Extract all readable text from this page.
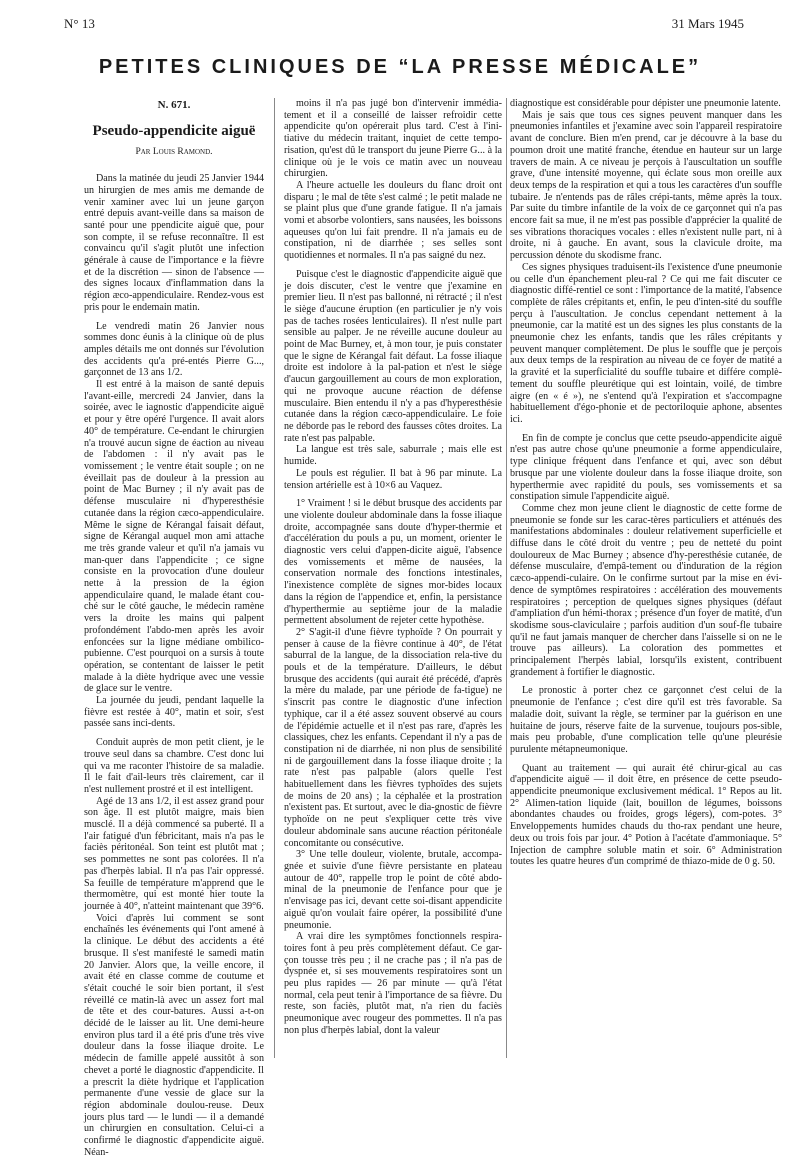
N° 13	31 Mars 1945
PETITES CLINIQUES DE “LA PRESSE MÉDICALE”
N. 671.
Pseudo-appendicite aiguë
Par Louis Ramond.

Dans la matinée du jeudi 25 Janvier 1944 un hirurgien de mes amis me demande de venir xaminer avec lui un jeune garçon entré depuis avant-veille dans sa maison de santé pour une ppendicite aiguë que, pour son compte, il se refuse reconnaître. Il est convaincu qu'il s'agit plutôt une infection générale à cause de l'importance e la fièvre et de la discrétion — sinon de l'absence — des signes locaux d'inflammation dans la région æco-appendiculaire. Rendez-vous est pris pour le endemain matin.

Le vendredi matin 26 Janvier nous sommes donc éunis à la clinique où de plus amples détails me ont donnés sur l'évolution des accidents qu'a pré-entés Pierre G..., garçonnet de 13 ans 1/2.

Il est entré à la maison de santé depuis l'avant-eille, mercredi 24 Janvier, dans la soirée, avec le iagnostic d'appendicite aiguë et pour y être opéré l'urgence. Il avait alors 40° de température. Ce-endant le chirurgien n'a trouvé aucun signe de éaction au niveau de l'abdomen : il n'y avait pas le vomissement ; le ventre était souple ; on ne éveillait pas de douleur à la pression au point de Mac Burney ; il n'y avait pas de défense musculaire ni d'hyperesthésie cutanée dans la région cæco-appendiculaire. Même le signe de Kérangal faisait défaut, signe de Kérangal auquel mon ami attache me très grande valeur et qu'il n'a jamais vu man-quer dans l'appendicite ; ce signe consiste en la provocation d'une douleur nette à la pression de la égion appendiculaire quand, le malade étant cou-ché sur le côté gauche, le médecin ramène vers la droite les mains qui palpent profondément l'abdo-men après les avoir enfoncées sur la ligne médiane ombilico-pubienne. C'est pourquoi on a sursis à toute opération, se contentant de laisser le petit malade à la diète hydrique avec une vessie de glace sur le ventre.

La journée du jeudi, pendant laquelle la fièvre est restée à 40°, matin et soir, s'est passée sans inci-dents.

Conduit auprès de mon petit client, je le trouve seul dans sa chambre. C'est donc lui qui va me raconter l'histoire de sa maladie. Il le fait d'ail-leurs très clairement, car il n'est nullement prostré et il est intelligent.

Agé de 13 ans 1/2, il est assez grand pour son âge. Il est plutôt maigre, mais bien musclé. Il a déjà commencé sa puberté. Il a l'air fatigué d'un fébricitant, mais n'a pas le faciès péritonéal. Son teint est plutôt mat ; ses pommettes ne sont pas colorées. Il n'a pas d'herpès labial. Il n'a pas l'air oppressé. Sa feuille de température m'apprend que le thermomètre, qui est monté hier toute la journée à 40°, n'atteint maintenant que 39°6.

Voici d'après lui comment se sont enchaînés les événements qui l'ont amené à la clinique. Le début des accidents a été brusque. Il s'est manifesté le samedi matin 20 Janvier. Alors que, la veille encore, il avait été en classe comme de coutume et s'était couché le soir bien portant, il s'est réveillé ce matin-là avec un assez fort mal de tête et des cour-batures. Aussi a-t-on décidé de le laisser au lit. Une demi-heure environ plus tard il a été pris d'une très vive douleur dans la fosse iliaque droite. Le médecin de famille appelé aussitôt à son chevet a porté le diagnostic d'appendicite. Il a prescrit la diète hydrique et l'application permanente d'une vessie de glace sur la région abdominale doulou-reuse. Deux jours plus tard — le lundi — il a demandé un chirurgien en consultation. Celui-ci a confirmé le diagnostic d'appendicite aiguë. Néan-

moins il n'a pas jugé bon d'intervenir immédia-tement et il a conseillé de laisser refroidir cette appendicite qu'on opérerait plus tard. C'est à l'ini-tiative du médecin traitant, inquiet de cette tempo-risation, qu'est dû le transport du jeune Pierre G... à la clinique où je le vois ce matin avec un nouveau chirurgien.

A l'heure actuelle les douleurs du flanc droit ont disparu ; le mal de tête s'est calmé ; le petit malade ne se plaint plus que d'une grande fatigue. Il n'a jamais vomi et absorbe volontiers, sans nausées, les boissons aqueuses qu'on lui fait prendre. Il n'a jamais eu de constipation, ni de diarrhée ; ses selles sont quotidiennes et normales. Il n'a pas saigné du nez.

Puisque c'est le diagnostic d'appendicite aiguë que je dois discuter, c'est le ventre que j'examine en premier lieu. Il n'est pas ballonné, ni rétracté ; il n'est le siège d'aucune éruption (en particulier je n'y vois pas de taches rosées lenticulaires). Il n'est nulle part sensible au palper. Je ne réveille aucune douleur au point de Mac Burney, et, à mon tour, je puis constater que le signe de Kérangal fait défaut. La fosse iliaque droite est indolore à la pal-pation et n'est le siège d'aucun gargouillement au cours de mon exploration, qui ne provoque aucune réaction de défense musculaire. Bien entendu il n'y a pas d'hyperesthésie cutanée dans la région cæco-appendiculaire. Le foie ne déborde pas le rebord des fausses côtes droites. La rate n'est pas palpable.

La langue est très sale, saburrale ; mais elle est humide.

Le pouls est régulier. Il bat à 96 par minute. La tension artérielle est à 10×6 au Vaquez.

1° Vraiment ! si le début brusque des accidents par une violente douleur abdominale dans la fosse iliaque droite, accompagnée sans doute d'hyper-thermie et d'accélération du pouls a pu, un moment, orienter le diagnostic vers celui d'appen-dicite aiguë, l'absence des vomissements et même de nausées, la conservation normale des fonctions intestinales, l'inexistence complète de signes mor-bides locaux dans la région de l'appendice et, enfin, la persistance d'hyperthermie au septième jour de la maladie permettent absolument de rejeter cette hypothèse.

2° S'agit-il d'une fièvre typhoïde ? On pourrait y penser à cause de la fièvre continue à 40°, de l'état saburral de la langue, de la dissociation rela-tive du pouls et de la température. D'ailleurs, le début brusque des accidents (qui aurait été précédé, d'après la mère du malade, par une période de fa-tigue) ne s'inscrit pas contre le diagnostic d'une infection typhique, car il a été assez souvent observé au cours de l'épidémie actuelle et il n'est pas rare, d'après les classiques, chez les enfants. Cependant il n'y a pas de constipation ni de diarrhée, ni non plus de sensibilité ni de gargouillement dans la fosse iliaque droite ; la rate n'est pas palpable (alors quelle l'est habituellement dans les fièvres typhoïdes des sujets de moins de 20 ans) ; la céphalée et la prostration n'existent pas. Et surtout, avec le dia-gnostic de fièvre typhoïde on ne peut s'expliquer cette très vive douleur abdominale sans aucune réaction péritonéale concomitante ou consécutive.

3° Une telle douleur, violente, brutale, accompa-gnée et suivie d'une fièvre persistante en plateau autour de 40°, rappelle trop le point de côté abdo-minal de la pneumonie de l'enfance pour que je n'envisage pas ici, devant cette soi-disant appendicite aiguë qu'on voulait faire opérer, la possibilité d'une pneumonie.

A vrai dire les symptômes fonctionnels respira-toires font à peu près complètement défaut. Ce gar-çon tousse très peu ; il ne crache pas ; il n'a pas de dyspnée et, si ses mouvements respiratoires sont un peu plus rapides — 26 par minute — qu'à l'état normal, cela peut tenir à l'importance de sa fièvre. Du reste, son faciès, plutôt mat, n'a rien du faciès pneumonique avec rougeur des pommettes. Il n'a pas non plus d'herpès labial, dont la valeur

diagnostique est considérable pour dépister une pneumonie latente.

Mais je sais que tous ces signes peuvent manquer dans les pneumonies infantiles et j'examine avec soin l'appareil respiratoire avant de conclure. Bien m'en prend, car je découvre à la base du poumon droit une matité franche, étendue en hauteur sur un large travers de main. A ce niveau je perçois à l'auscultation un souffle grave, d'une intensité moyenne, qui éclate sous mon oreille aux deux temps de la respiration et qui a tous les caractères d'un souffle tubaire. Je n'entends pas de râles crépi-tants, même après la toux. Par suite du timbre infantile de la voix de ce garçonnet qui n'a pas encore fait sa mue, il ne m'est pas possible d'apprécier la qualité de ses vibrations thoraciques vocales : elles n'existent nulle part, ni à droite, ni à gauche. En avant, sous la clavicule droite, ma percussion dénote du skodisme franc.

Ces signes physiques traduisent-ils l'existence d'une pneumonie ou celle d'un épanchement pleu-ral ? Ce qui me fait discuter ce diagnostic diffé-rentiel ce sont : l'importance de la matité, l'absence complète de râles crépitants et, enfin, le peu d'inten-sité du souffle perçu à l'auscultation. Je conclus cependant nettement à la pneumonie, car la matité est un des signes les plus constants de la pneumonie chez les enfants, tandis que les râles crépitants y peuvent manquer complètement. De plus le souffle que je perçois aux deux temps de la respiration au niveau de ce foyer de matité a la gravité et la superficialité du souffle tubaire et différe complè-tement du souffle pleurétique qui est lointain, voilé, de timbre aigre (en « é »), ne s'entend qu'à l'expiration et s'accompagne habituellement d'égo-phonie et de pectoriloquie aphone, absentes ici.

En fin de compte je conclus que cette pseudo-appendicite aiguë n'est pas autre chose qu'une pneumonie a forme appendiculaire, type clinique fréquent dans l'enfance et qui, avec son début brusque par une violente douleur dans la fosse iliaque droite, son hyperthermie avec rapidité du pouls, ses vomissements et sa constipation simule l'appendicite aiguë.

Comme chez mon jeune client le diagnostic de cette forme de pneumonie se fonde sur les carac-tères particuliers et atténués des manifestations abdominales : douleur relativement superficielle et diffuse dans le côté droit du ventre ; peu de netteté du point douloureux de Mac Burney ; absence d'hy-peresthésie cutanée, de défense musculaire, d'empâ-tement ou d'induration de la région cæco-appendi-culaire. On le confirme surtout par la mise en évi-dence de symptômes respiratoires : accélération des mouvements respiratoires ; perception de quelques signes physiques (défaut d'ampliation d'un hémi-thorax ; présence d'un foyer de matité, d'un skodisme sous-claviculaire ; parfois audition d'un souf-fle tubaire qu'il ne faut jamais manquer de chercher dans l'aisselle si on ne le trouve pas ailleurs). La coloration des pommettes et principalement l'herpès labial, lorsqu'ils existent, contribuent grandement à fortifier le diagnostic.

Le pronostic à porter chez ce garçonnet c'est celui de la pneumonie de l'enfance ; c'est dire qu'il est très favorable. Sa maladie doit, suivant la règle, se terminer par la guérison en une huitaine de jours, réserve faite de la survenue, toujours pos-sible, mais peu probable, d'une complication telle qu'une pleurésie purulente métapneumonique.

Quant au traitement — qui aurait été chirur-gical au cas d'appendicite aiguë — il doit être, en présence de cette pseudo-appendicite pneumonique exclusivement médical. 1° Repos au lit. 2° Alimen-tation liquide (lait, bouillon de légumes, boissons abondantes chaudes ou froides, grogs légers), com-potes. 3° Enveloppements humides chauds du tho-rax pendant une heure, deux ou trois fois par jour. 4° Potion à l'acétate d'ammoniaque. 5° Injection de camphre soluble matin et soir. 6° Administration toutes les quatre heures d'un comprimé de thiazo-mide de 0 g. 50.
